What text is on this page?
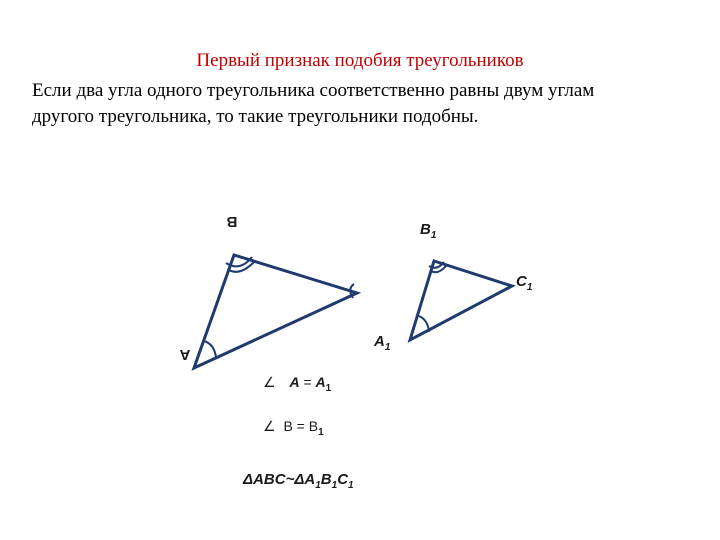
Первый признак подобия треугольников
Если два угла одного треугольника соответственно равны двум углам
другого треугольника, то такие треугольники подобны.
B
A
$B_1$
$C_1$
$A_1$
∠ $A = A_1$
∠ $B = B_1$
$\Delta ABC\sim\Delta A_1B_1C_1$
